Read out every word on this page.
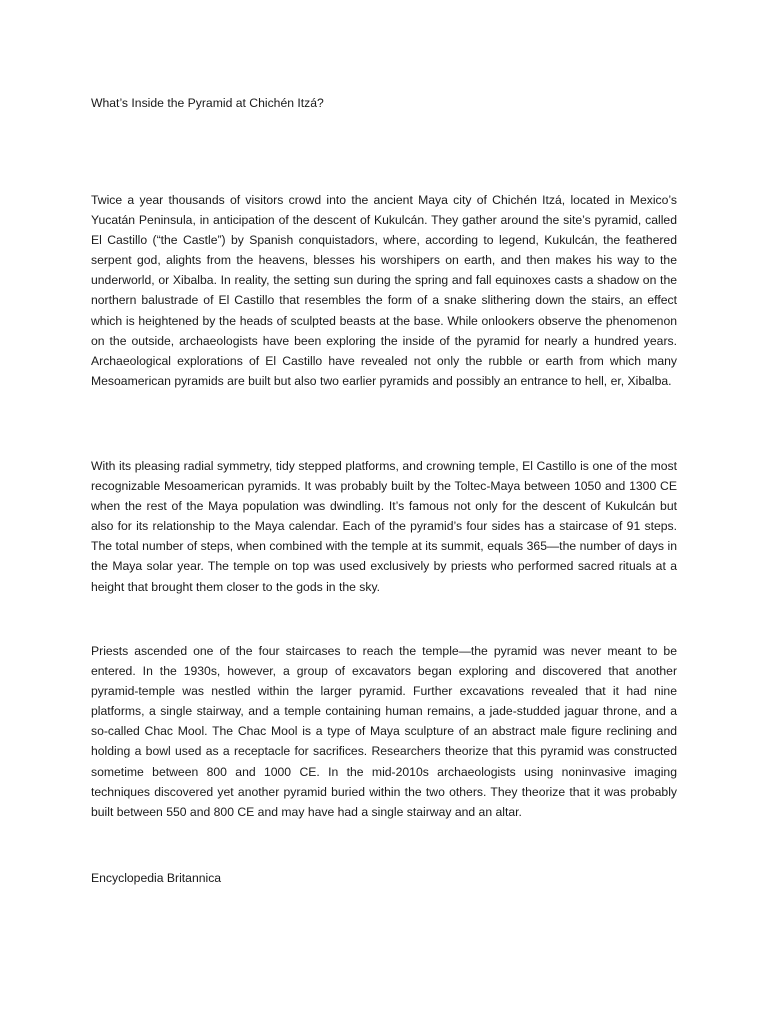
What’s Inside the Pyramid at Chichén Itzá?

Twice a year thousands of visitors crowd into the ancient Maya city of Chichén Itzá, located in Mexico’s Yucatán Peninsula, in anticipation of the descent of Kukulcán. They gather around the site’s pyramid, called El Castillo (“the Castle”) by Spanish conquistadors, where, according to legend, Kukulcán, the feathered serpent god, alights from the heavens, blesses his worshipers on earth, and then makes his way to the underworld, or Xibalba. In reality, the setting sun during the spring and fall equinoxes casts a shadow on the northern balustrade of El Castillo that resembles the form of a snake slithering down the stairs, an effect which is heightened by the heads of sculpted beasts at the base. While onlookers observe the phenomenon on the outside, archaeologists have been exploring the inside of the pyramid for nearly a hundred years. Archaeological explorations of El Castillo have revealed not only the rubble or earth from which many Mesoamerican pyramids are built but also two earlier pyramids and possibly an entrance to hell, er, Xibalba.

With its pleasing radial symmetry, tidy stepped platforms, and crowning temple, El Castillo is one of the most recognizable Mesoamerican pyramids. It was probably built by the Toltec-Maya between 1050 and 1300 CE when the rest of the Maya population was dwindling. It’s famous not only for the descent of Kukulcán but also for its relationship to the Maya calendar. Each of the pyramid’s four sides has a staircase of 91 steps. The total number of steps, when combined with the temple at its summit, equals 365—the number of days in the Maya solar year. The temple on top was used exclusively by priests who performed sacred rituals at a height that brought them closer to the gods in the sky.

Priests ascended one of the four staircases to reach the temple—the pyramid was never meant to be entered. In the 1930s, however, a group of excavators began exploring and discovered that another pyramid-temple was nestled within the larger pyramid. Further excavations revealed that it had nine platforms, a single stairway, and a temple containing human remains, a jade-studded jaguar throne, and a so-called Chac Mool. The Chac Mool is a type of Maya sculpture of an abstract male figure reclining and holding a bowl used as a receptacle for sacrifices. Researchers theorize that this pyramid was constructed sometime between 800 and 1000 CE. In the mid-2010s archaeologists using noninvasive imaging techniques discovered yet another pyramid buried within the two others. They theorize that it was probably built between 550 and 800 CE and may have had a single stairway and an altar.

Encyclopedia Britannica
